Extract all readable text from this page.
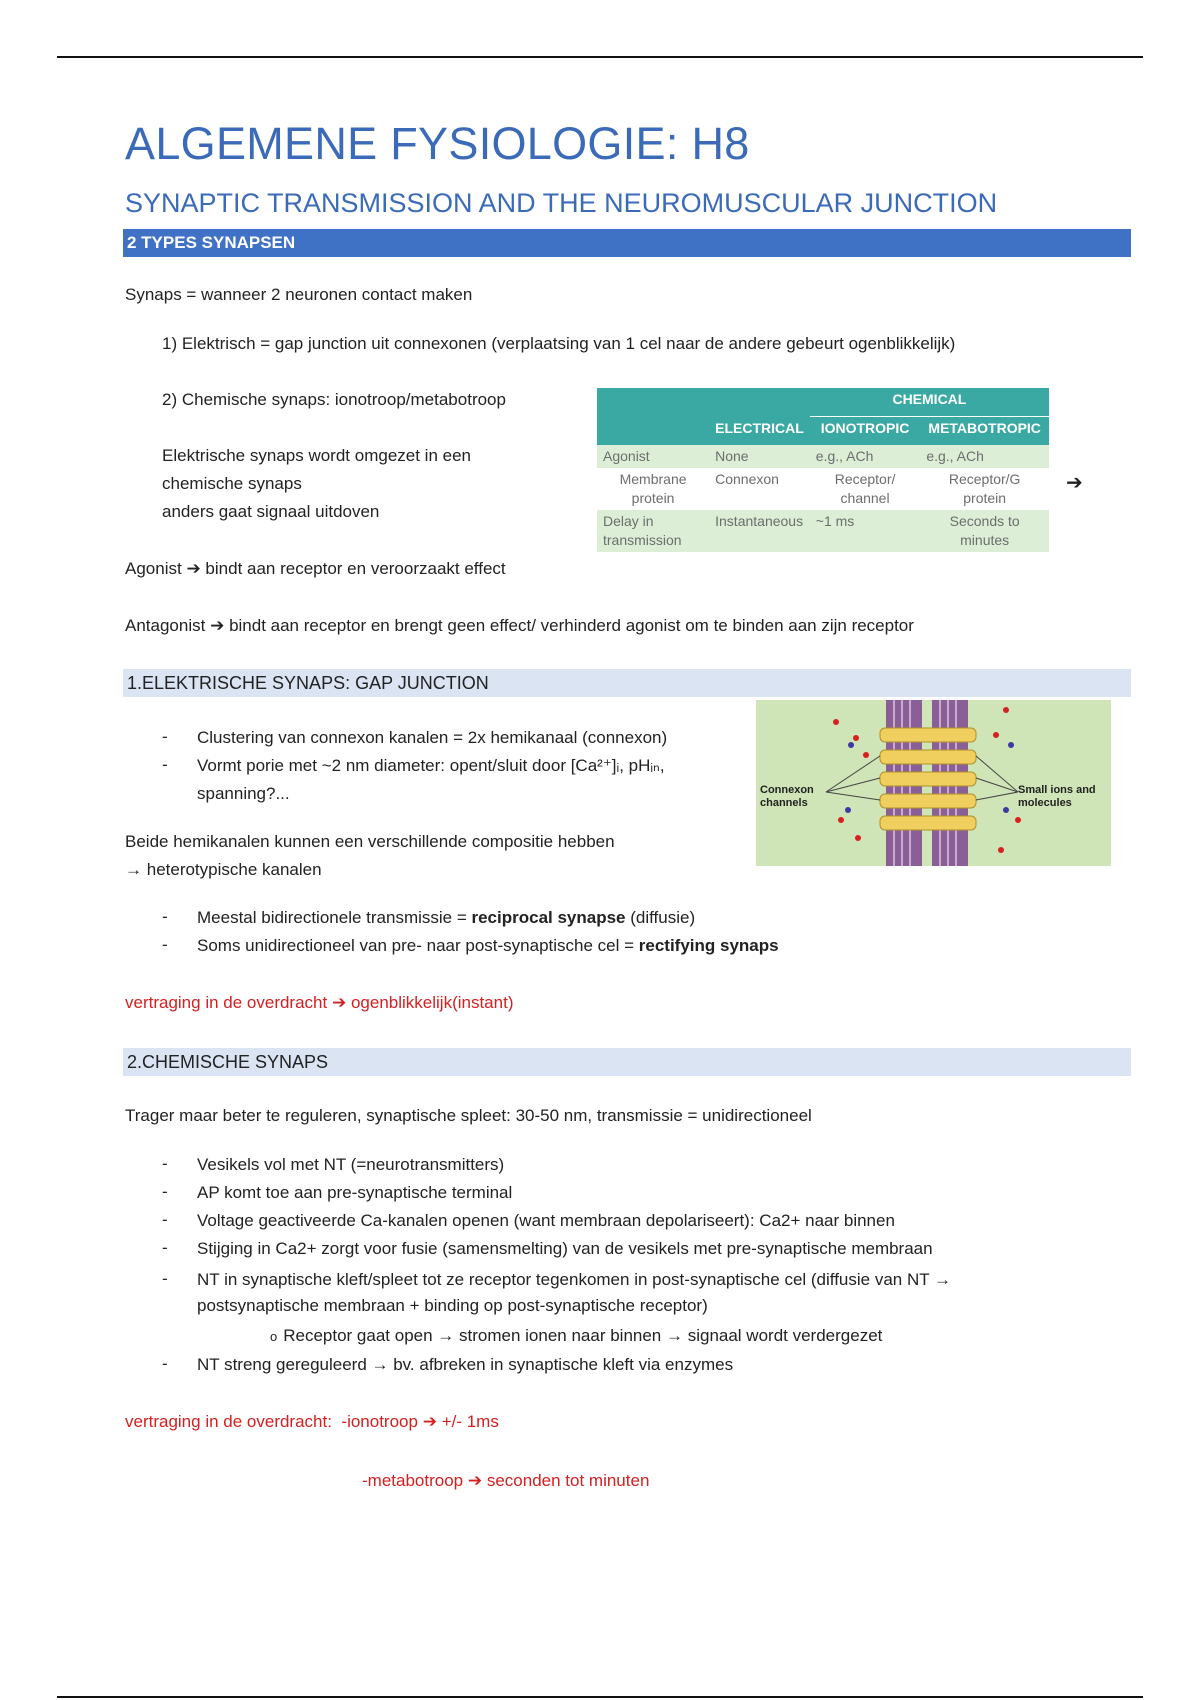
ALGEMENE FYSIOLOGIE: H8
SYNAPTIC TRANSMISSION AND THE NEUROMUSCULAR JUNCTION
2 TYPES SYNAPSEN
Synaps = wanneer 2 neuronen contact maken
1) Elektrisch = gap junction uit connexonen (verplaatsing van 1 cel naar de andere gebeurt ogenblikkelijk)
2) Chemische synaps: ionotroop/metabotroop
Elektrische synaps wordt omgezet in een
chemische synaps
anders gaat signaal uitdoven
Agonist ➔ bindt aan receptor en veroorzaakt effect
Antagonist ➔ bindt aan receptor en brengt geen effect/ verhinderd agonist om te binden aan zijn receptor
		CHEMICAL	
	ELECTRICAL	IONOTROPIC	METABOTROPIC
Agonist	None	e.g., ACh	e.g., ACh
Membrane protein	Connexon	Receptor/ channel	Receptor/G protein
Delay in transmission	Instantaneous	~1 ms	Seconds to minutes
➔
1.ELEKTRISCHE SYNAPS: GAP JUNCTION
- Clustering van connexon kanalen = 2x hemikanaal (connexon)
- Vormt porie met ~2 nm diameter: opent/sluit door [Ca²⁺]ᵢ, pHᵢₙ,
spanning?...
Beide hemikanalen kunnen een verschillende compositie hebben
→ heterotypische kanalen
Connexon channels
Small ions and molecules
- Meestal bidirectionele transmissie = reciprocal synapse (diffusie)
- Soms unidirectioneel van pre- naar post-synaptische cel = rectifying synaps
vertraging in de overdracht ➔ ogenblikkelijk(instant)
2.CHEMISCHE SYNAPS
Trager maar beter te reguleren, synaptische spleet: 30-50 nm, transmissie = unidirectioneel
- Vesikels vol met NT (=neurotransmitters)
- AP komt toe aan pre-synaptische terminal
- Voltage geactiveerde Ca-kanalen openen (want membraan depolariseert): Ca2+ naar binnen
- Stijging in Ca2+ zorgt voor fusie (samensmelting) van de vesikels met pre-synaptische membraan
- NT in synaptische kleft/spleet tot ze receptor tegenkomen in post-synaptische cel (diffusie van NT →
postsynaptische membraan + binding op post-synaptische receptor)
o Receptor gaat open → stromen ionen naar binnen → signaal wordt verdergezet
- NT streng gereguleerd → bv. afbreken in synaptische kleft via enzymes
vertraging in de overdracht: -ionotroop ➔ +/- 1ms
-metabotroop ➔ seconden tot minuten
